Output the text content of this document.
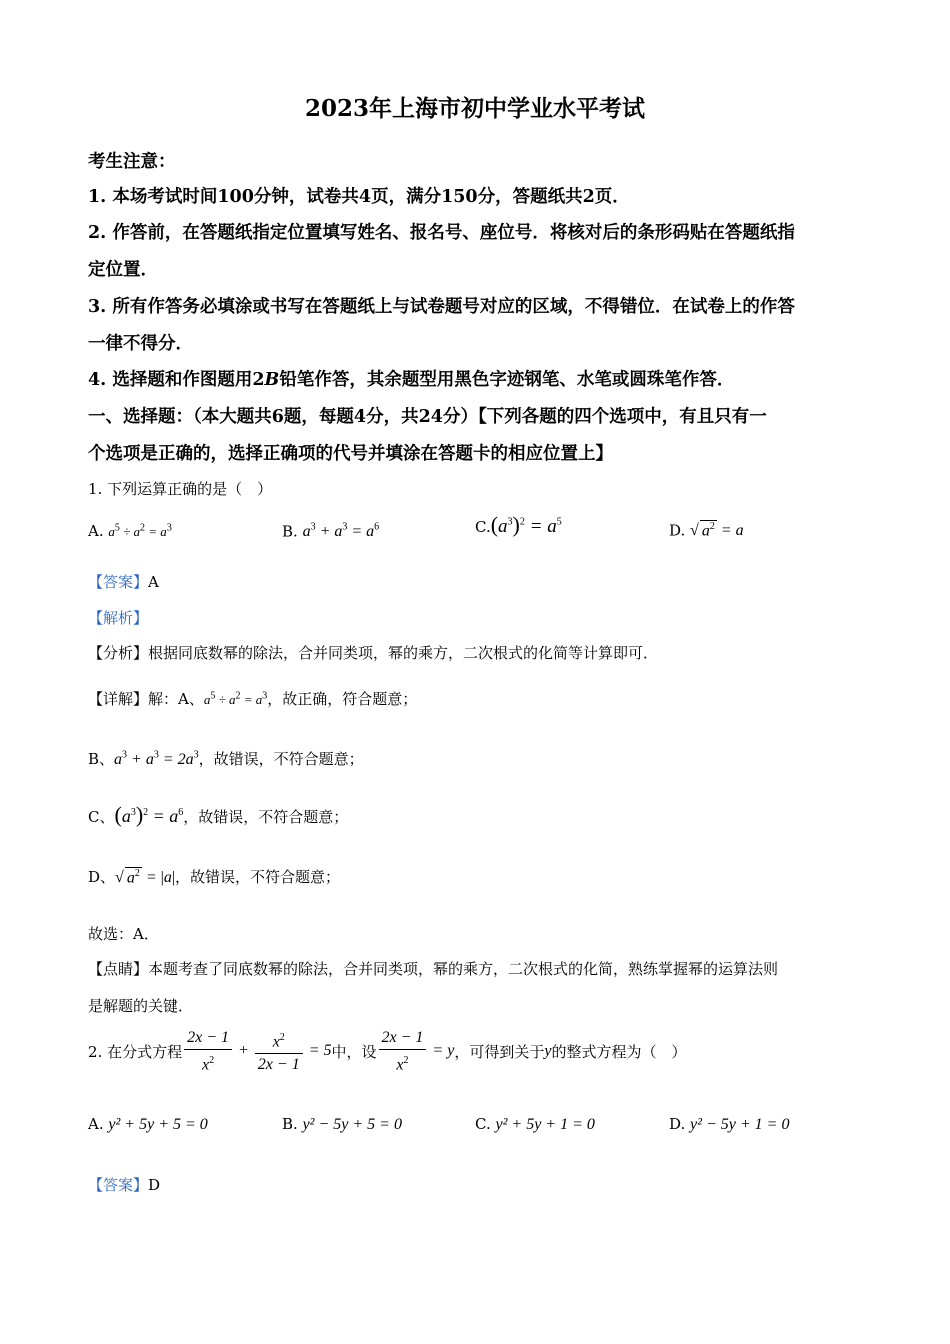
2023年上海市初中学业水平考试
考生注意：
1. 本场考试时间100分钟，试卷共4页，满分150分，答题纸共2页．
2. 作答前，在答题纸指定位置填写姓名、报名号、座位号．将核对后的条形码贴在答题纸指
定位置．
3. 所有作答务必填涂或书写在答题纸上与试卷题号对应的区域，不得错位．在试卷上的作答
一律不得分．
4. 选择题和作图题用2B铅笔作答，其余题型用黑色字迹钢笔、水笔或圆珠笔作答．
一、选择题：（本大题共6题，每题4分，共24分）【下列各题的四个选项中，有且只有一
个选项是正确的，选择正确项的代号并填涂在答题卡的相应位置上】
1. 下列运算正确的是（　）
A. $a^5 \div a^2 = a^3$	B. $a^3 + a^3 = a^6$	$C.(a^3)^2 = a^5$	D. √ $a^2 = a$
【答案】A
【解析】
【分析】根据同底数幂的除法，合并同类项，幂的乘方，二次根式的化简等计算即可．
【详解】解：A、$a^5 \div a^2 = a^3$，故正确，符合题意；
B、$a^3 + a^3 = 2a^3$，故错误，不符合题意；
C、$(a^3)^2 = a^6$，故错误，不符合题意；
D、√ $a^2 = |a|$，故错误，不符合题意；
故选：A．
【点睛】本题考查了同底数幂的除法，合并同类项，幂的乘方，二次根式的化简，熟练掌握幂的运算法则
是解题的关键．
2. 在分式方程 $\frac{2x - 1}{x^2} + \frac{x^2}{2x - 1} = 5$中，设 $\frac{2x - 1}{x^2} = y$，可得到关于y的整式方程为（　）
A. y² + 5y + 5 = 0	B. y² − 5y + 5 = 0	C. y² + 5y + 1 = 0	D. y² − 5y + 1 = 0
【答案】D
